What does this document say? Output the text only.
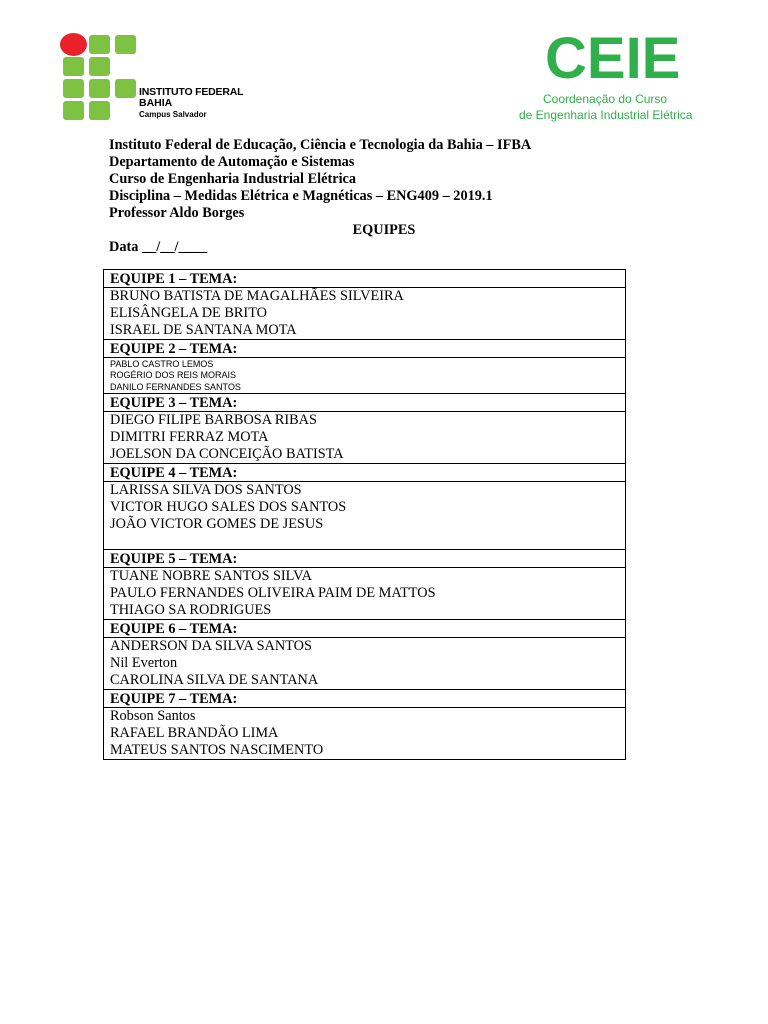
INSTITUTO FEDERAL
BAHIA
Campus Salvador
CEIE
Coordenação do Curso
de Engenharia Industrial Elétrica
Instituto Federal de Educação, Ciência e Tecnologia da Bahia – IFBA
Departamento de Automação e Sistemas
Curso de Engenharia Industrial Elétrica
Disciplina – Medidas Elétrica e Magnéticas – ENG409 – 2019.1
Professor Aldo Borges
EQUIPES
Data __/__/____
EQUIPE 1 – TEMA:
BRUNO BATISTA DE MAGALHÃES SILVEIRA
ELISÂNGELA DE BRITO
ISRAEL DE SANTANA MOTA
EQUIPE 2 – TEMA:
PABLO CASTRO LEMOS
ROGÉRIO DOS REIS MORAIS
DANILO FERNANDES SANTOS
EQUIPE 3 – TEMA:
DIEGO FILIPE BARBOSA RIBAS
DIMITRI FERRAZ MOTA
JOELSON DA CONCEIÇÃO BATISTA
EQUIPE 4 – TEMA:
LARISSA SILVA DOS SANTOS
VICTOR HUGO SALES DOS SANTOS
JOÃO VICTOR GOMES DE JESUS
EQUIPE 5 – TEMA:
TUANE NOBRE SANTOS SILVA
PAULO FERNANDES OLIVEIRA PAIM DE MATTOS
THIAGO SA RODRIGUES
EQUIPE 6 – TEMA:
ANDERSON DA SILVA SANTOS
Nil Everton
CAROLINA SILVA DE SANTANA
EQUIPE 7 – TEMA:
Robson Santos
RAFAEL BRANDÃO LIMA
MATEUS SANTOS NASCIMENTO
